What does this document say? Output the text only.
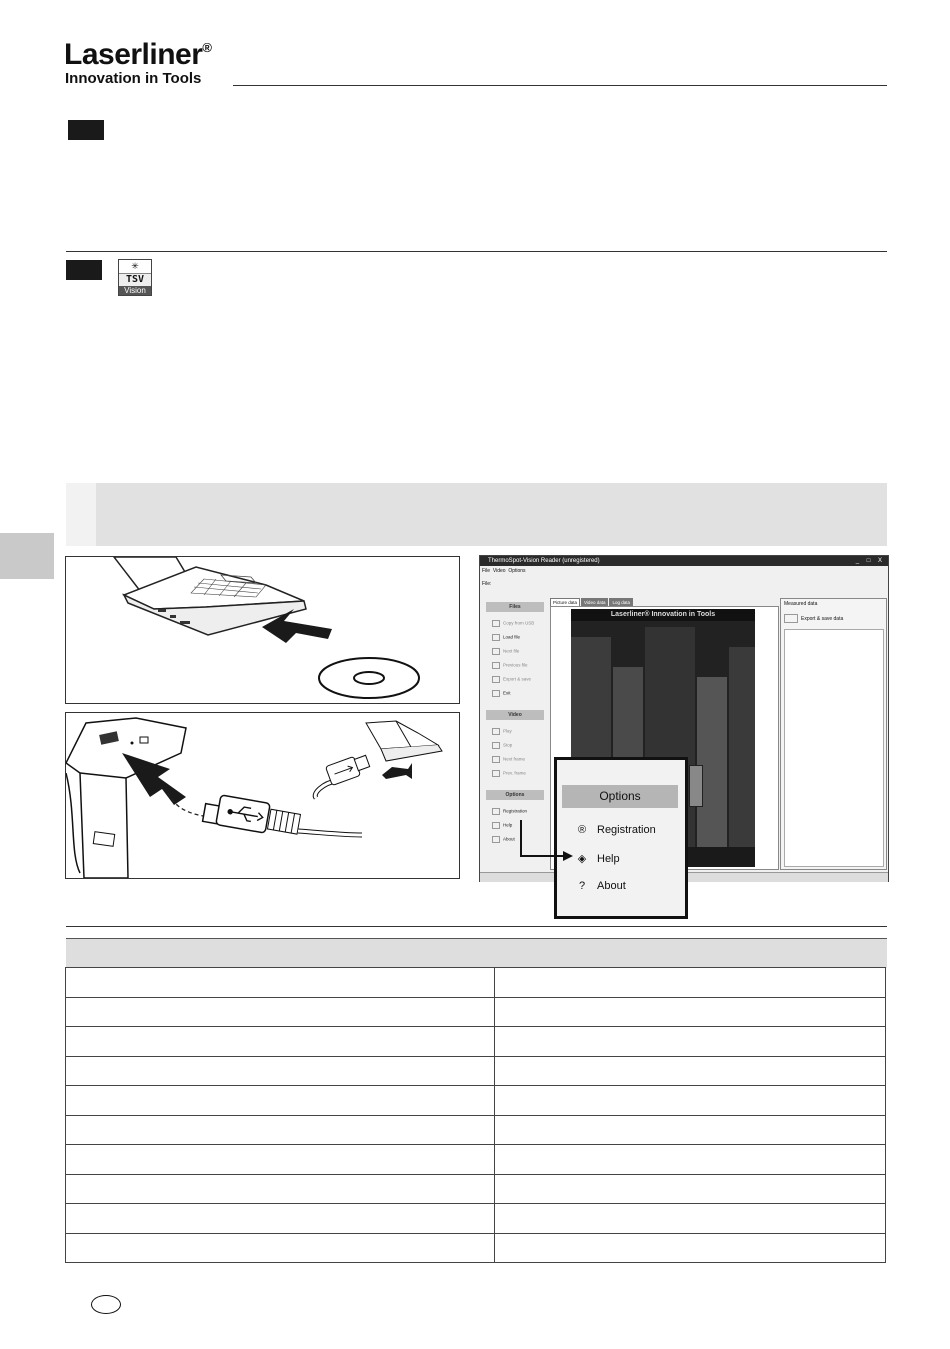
Laserliner®
Innovation in Tools
✳
TSV
Vision
ThermoSpot-Vision Reader (unregistered)	_ □ X
File Video Options
File:
Files
Copy from USB
Load file
Next file
Previous file
Export & save
Exit
Video
Play
Stop
Next frame
Prev. frame
Options
Registration
Help
About
Picture data Video data Log data
Laserliner® Innovation in Tools
Measured data
Export & save data
Options
® Registration
◈ Help
? About
